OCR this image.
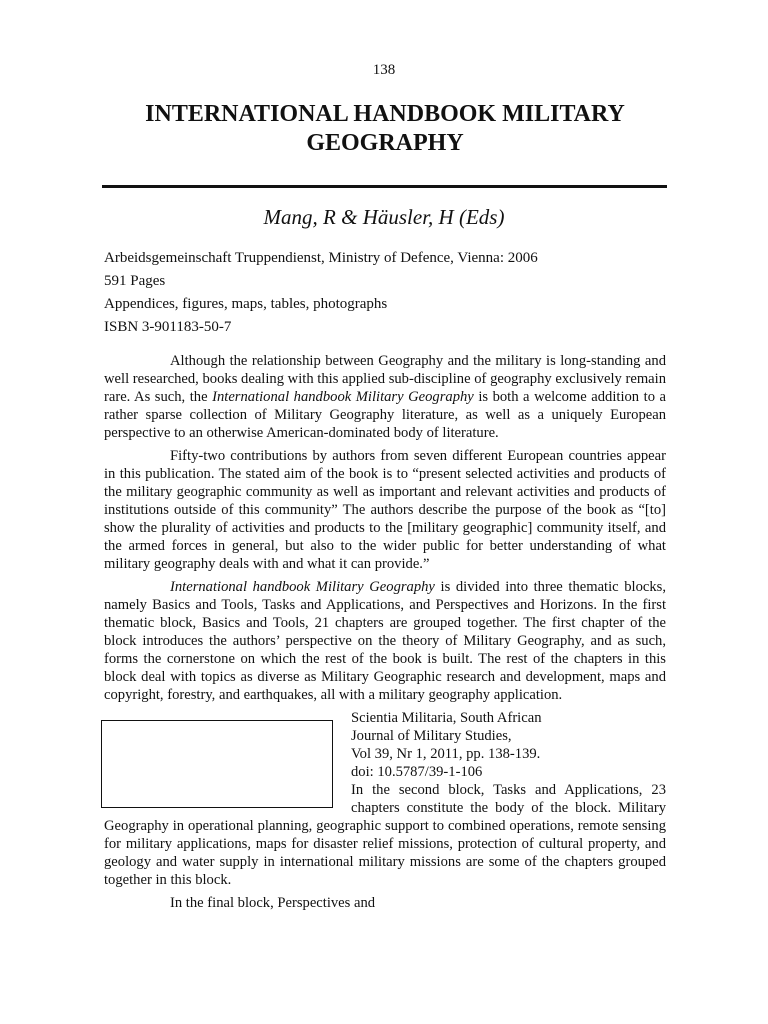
138
INTERNATIONAL HANDBOOK MILITARY
GEOGRAPHY
Mang, R & Häusler, H (Eds)
Arbeidsgemeinschaft Truppendienst, Ministry of Defence, Vienna: 2006
591 Pages
Appendices, figures, maps, tables, photographs
ISBN 3-901183-50-7

Although the relationship between Geography and the military is long-standing and well researched, books dealing with this applied sub-discipline of geography exclusively remain rare. As such, the International handbook Military Geography is both a welcome addition to a rather sparse collection of Military Geography literature, as well as a uniquely European perspective to an otherwise American-dominated body of literature.

Fifty-two contributions by authors from seven different European countries appear in this publication. The stated aim of the book is to “present selected activities and products of the military geographic community as well as important and relevant activities and products of institutions outside of this community” The authors describe the purpose of the book as “[to] show the plurality of activities and products to the [military geographic] community itself, and the armed forces in general, but also to the wider public for better understanding of what military geography deals with and what it can provide.”

International handbook Military Geography is divided into three thematic blocks, namely Basics and Tools, Tasks and Applications, and Perspectives and Horizons. In the first thematic block, Basics and Tools, 21 chapters are grouped together. The first chapter of the block introduces the authors’ perspective on the theory of Military Geography, and as such, forms the cornerstone on which the rest of the book is built. The rest of the chapters in this block deal with topics as diverse as Military Geographic research and development, maps and copyright, forestry, and earthquakes, all with a military geography application.

Scientia Militaria, South African
Journal of Military Studies,
Vol 39, Nr 1, 2011, pp. 138-139.
doi: 10.5787/39-1-106
In the second block, Tasks and Applications, 23 chapters constitute the body of the block. Military Geography in operational planning, geographic support to combined operations, remote sensing for military applications, maps for disaster relief missions, protection of cultural property, and geology and water supply in international military missions are some of the chapters grouped together in this block.

In the final block, Perspectives and
